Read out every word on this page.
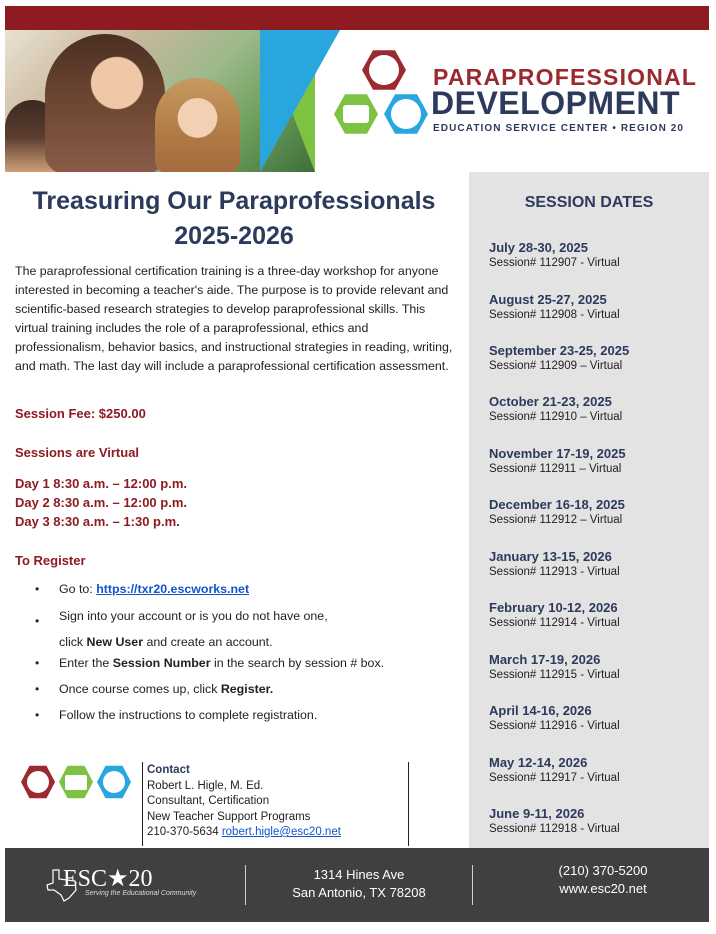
PARAPROFESSIONAL
DEVELOPMENT
EDUCATION SERVICE CENTER • REGION 20
Treasuring Our Paraprofessionals
2025-2026

The paraprofessional certification training is a three-day workshop for anyone interested in becoming a teacher's aide. The purpose is to provide relevant and scientific-based research strategies to develop paraprofessional skills. This virtual training includes the role of a paraprofessional, ethics and professionalism, behavior basics, and instructional strategies in reading, writing, and math. The last day will include a paraprofessional certification assessment.

Session Fee: $250.00
Sessions are Virtual
Day 1 8:30 a.m. – 12:00 p.m.
Day 2 8:30 a.m. – 12:00 p.m.
Day 3 8:30 a.m. – 1:30 p.m.
To Register
• Go to: https://txr20.escworks.net
• Sign into your account or is you do not have one,
click New User and create an account.
• Enter the Session Number in the search by session # box.
• Once course comes up, click Register.
• Follow the instructions to complete registration.
Contact
Robert L. Higle, M. Ed.
Consultant, Certification
New Teacher Support Programs
210-370-5634 robert.higle@esc20.net
SESSION DATES
July 28-30, 2025
Session# 112907 - Virtual
August 25-27, 2025
Session# 112908 - Virtual
September 23-25, 2025
Session# 112909 – Virtual
October 21-23, 2025
Session# 112910 – Virtual
November 17-19, 2025
Session# 112911 – Virtual
December 16-18, 2025
Session# 112912 – Virtual
January 13-15, 2026
Session# 112913 - Virtual
February 10-12, 2026
Session# 112914 - Virtual
March 17-19, 2026
Session# 112915 - Virtual
April 14-16, 2026
Session# 112916 - Virtual
May 12-14, 2026
Session# 112917 - Virtual
June 9-11, 2026
Session# 112918 - Virtual
ESC★20
Serving the Educational Community
1314 Hines Ave
San Antonio, TX 78208
(210) 370-5200
www.esc20.net
